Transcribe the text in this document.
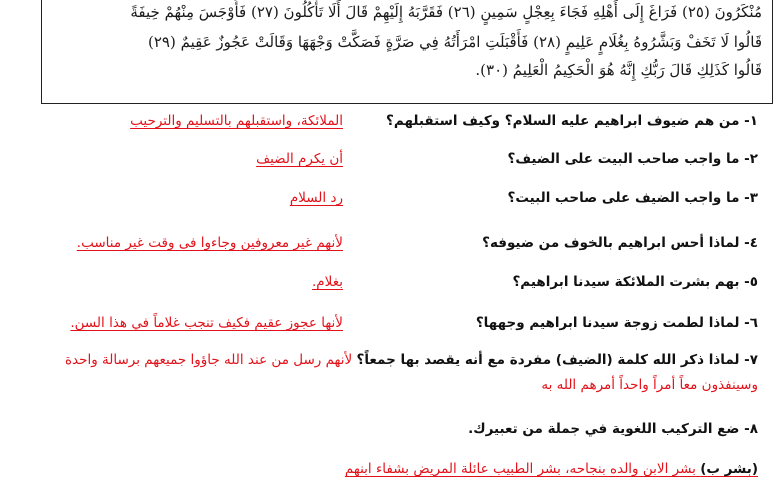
مُنْكَرُونَ (٢٥) فَرَاغَ إِلَى أَهْلِهِ فَجَاءَ بِعِجْلٍ سَمِينٍ (٢٦) فَقَرَّبَهُ إِلَيْهِمْ قَالَ أَلَا تَأْكُلُونَ (٢٧) فَأَوْجَسَ مِنْهُمْ خِيفَةً
قَالُوا لَا تَخَفْ وَبَشَّرُوهُ بِغُلَامٍ عَلِيمٍ (٢٨) فَأَقْبَلَتِ امْرَأَتُهُ فِي صَرَّةٍ فَصَكَّتْ وَجْهَهَا وَقَالَتْ عَجُوزٌ عَقِيمٌ (٢٩)
قَالُوا كَذَلِكِ قَالَ رَبُّكِ إِنَّهُ هُوَ الْحَكِيمُ الْعَلِيمُ (٣٠).
١- من هم ضيوف ابراهيم عليه السلام؟ وكيف استقبلهم؟
الملائكة، واستقبلهم بالتسليم والترحيب
٢- ما واجب صاحب البيت على الضيف؟
أن يكرم الضيف
٣- ما واجب الضيف على صاحب البيت؟
رد السلام
٤- لماذا أحس ابراهيم بالخوف من ضيوفه؟
لأنهم غير معروفين وجاءوا فى وقت غير مناسب.
٥- بهم بشرت الملائكة سيدنا ابراهيم؟
بغلام.
٦- لماذا لطمت زوجة سيدنا ابراهيم وجهها؟
لأنها عجوز عقيم فكيف تنجب غلاماً في هذا السن.
٧- لماذا ذكر الله كلمة (الضيف) مفردة مع أنه يقصد بها جمعاً؟ لأنهم رسل من عند الله جاؤوا جميعهم برسالة واحدة وسينفذون معاً أمراً واحداً أمرهم الله به
٨- ضع التركيب اللغوية في جملة من تعبيرك.
(بشر ب) بشر الابن والده بنجاحه، بشر الطبيب عائلة المريض بشفاء ابنهم
